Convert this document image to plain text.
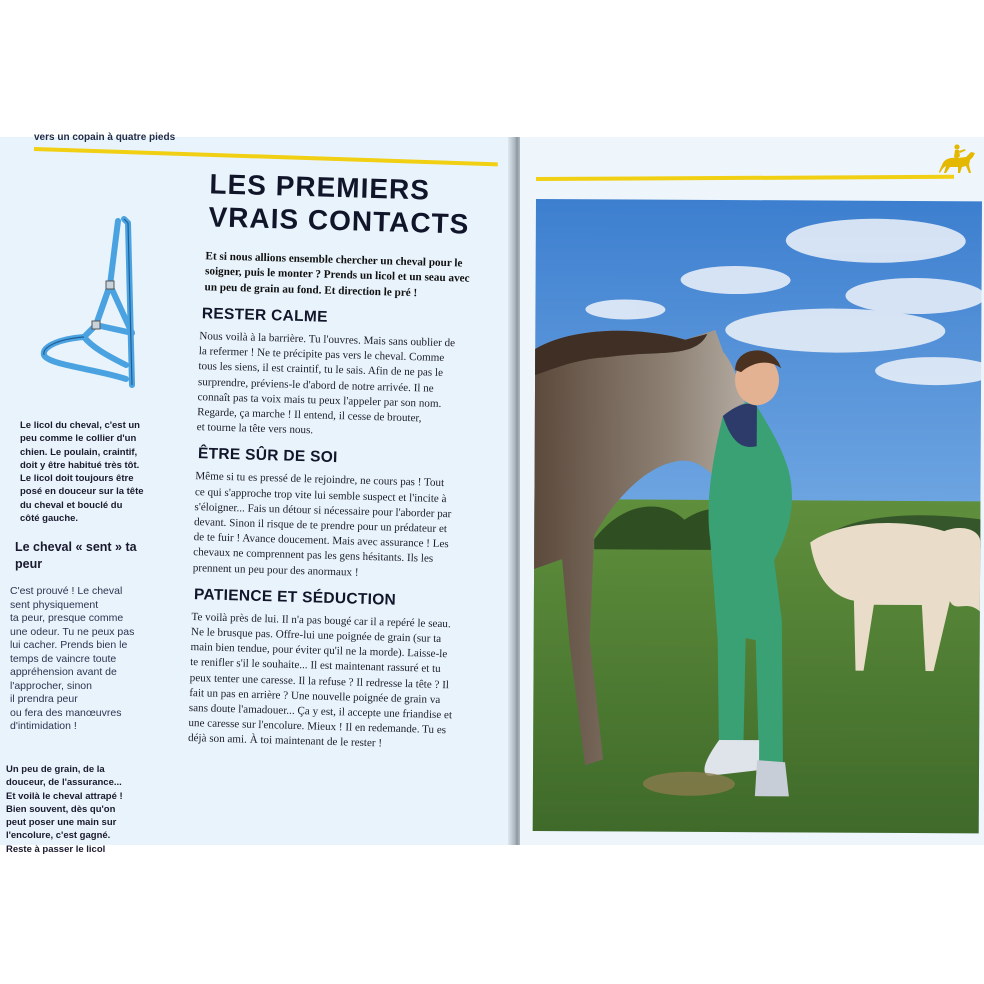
vers un copain à quatre pieds
Le licol du cheval, c'est un
peu comme le collier d'un
chien. Le poulain, craintif,
doit y être habitué très tôt.
Le licol doit toujours être
posé en douceur sur la tête
du cheval et bouclé du
côté gauche.
Le cheval « sent » ta
peur
C'est prouvé ! Le cheval
sent physiquement
ta peur, presque comme
une odeur. Tu ne peux pas
lui cacher. Prends bien le
temps de vaincre toute
appréhension avant de
l'approcher, sinon
il prendra peur
ou fera des manœuvres
d'intimidation !
Un peu de grain, de la
douceur, de l'assurance...
Et voilà le cheval attrapé !
Bien souvent, dès qu'on
peut poser une main sur
l'encolure, c'est gagné.
Reste à passer le licol
LES PREMIERS
VRAIS CONTACTS
Et si nous allions ensemble chercher un cheval pour le
soigner, puis le monter ? Prends un licol et un seau avec
un peu de grain au fond. Et direction le pré !
RESTER CALME
Nous voilà à la barrière. Tu l'ouvres. Mais sans oublier de
la refermer ! Ne te précipite pas vers le cheval. Comme
tous les siens, il est craintif, tu le sais. Afin de ne pas le
surprendre, préviens-le d'abord de notre arrivée. Il ne
connaît pas ta voix mais tu peux l'appeler par son nom.
Regarde, ça marche ! Il entend, il cesse de brouter,
et tourne la tête vers nous.
ÊTRE SÛR DE SOI
Même si tu es pressé de le rejoindre, ne cours pas ! Tout
ce qui s'approche trop vite lui semble suspect et l'incite à
s'éloigner... Fais un détour si nécessaire pour l'aborder par
devant. Sinon il risque de te prendre pour un prédateur et
de te fuir ! Avance doucement. Mais avec assurance ! Les
chevaux ne comprennent pas les gens hésitants. Ils les
prennent un peu pour des anormaux !
PATIENCE ET SÉDUCTION
Te voilà près de lui. Il n'a pas bougé car il a repéré le seau.
Ne le brusque pas. Offre-lui une poignée de grain (sur ta
main bien tendue, pour éviter qu'il ne la morde). Laisse-le
te renifler s'il le souhaite... Il est maintenant rassuré et tu
peux tenter une caresse. Il la refuse ? Il redresse la tête ? Il
fait un pas en arrière ? Une nouvelle poignée de grain va
sans doute l'amadouer... Ça y est, il accepte une friandise et
une caresse sur l'encolure. Mieux ! Il en redemande. Tu es
déjà son ami. À toi maintenant de le rester !
